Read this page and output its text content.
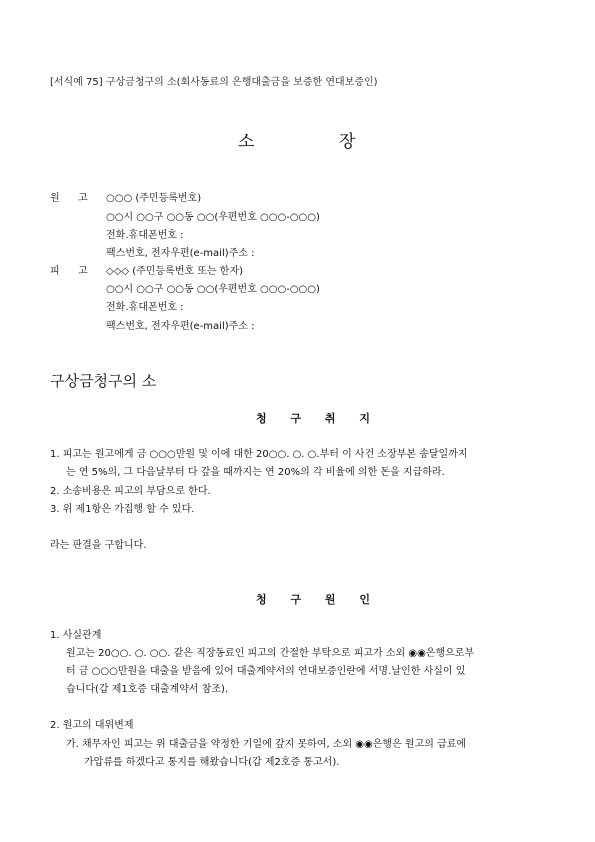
[서식예 75] 구상금청구의 소(회사동료의 은행대출금을 보증한 연대보증인)
소	장
원 고 ○○○ (주민등록번호)
○○시 ○○구 ○○동 ○○(우편번호 ○○○-○○○)
전화․휴대폰번호 :
팩스번호, 전자우편(e-mail)주소 :
피 고 ◇◇◇ (주민등록번호 또는 한자)
○○시 ○○구 ○○동 ○○(우편번호 ○○○-○○○)
전화․휴대폰번호 :
팩스번호, 전자우편(e-mail)주소 :
구상금청구의 소
청 구 취 지
1. 피고는 원고에게 금 ○○○만원 및 이에 대한 20○○. ○. ○.부터 이 사건 소장부본 송달일까지
는 연 5%의, 그 다음날부터 다 갚을 때까지는 연 20%의 각 비율에 의한 돈을 지급하라.
2. 소송비용은 피고의 부담으로 한다.
3. 위 제1항은 가집행 할 수 있다.
라는 판결을 구합니다.
청 구 원 인
1. 사실관계
원고는 20○○. ○. ○○. 같은 직장동료인 피고의 간절한 부탁으로 피고가 소외 ◉◉은행으로부
터 금 ○○○만원을 대출을 받음에 있어 대출계약서의 연대보증인란에 서명․날인한 사실이 있
습니다(갑 제1호증 대출계약서 참조).
2. 원고의 대위변제
가. 채무자인 피고는 위 대출금을 약정한 기일에 갚지 못하여, 소외 ◉◉은행은 원고의 급료에
가압류를 하겠다고 통지를 해왔습니다(갑 제2호증 통고서).
